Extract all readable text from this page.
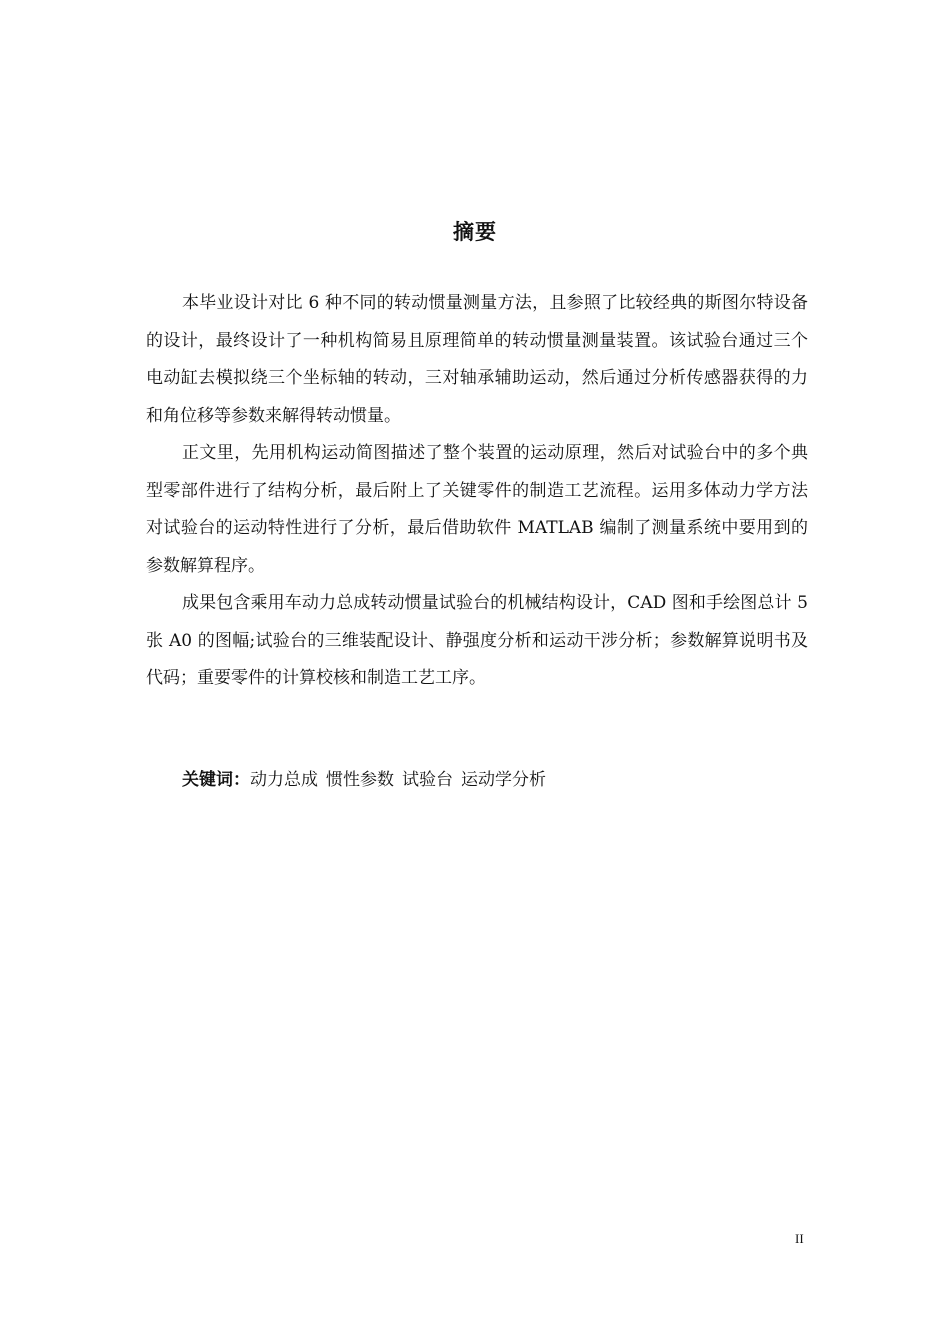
摘要

本毕业设计对比 6 种不同的转动惯量测量方法，且参照了比较经典的斯图尔特设备的设计，最终设计了一种机构简易且原理简单的转动惯量测量装置。该试验台通过三个电动缸去模拟绕三个坐标轴的转动，三对轴承辅助运动，然后通过分析传感器获得的力和角位移等参数来解得转动惯量。

正文里，先用机构运动简图描述了整个装置的运动原理，然后对试验台中的多个典型零部件进行了结构分析，最后附上了关键零件的制造工艺流程。运用多体动力学方法对试验台的运动特性进行了分析，最后借助软件 MATLAB 编制了测量系统中要用到的参数解算程序。

成果包含乘用车动力总成转动惯量试验台的机械结构设计，CAD 图和手绘图总计 5 张 A0 的图幅;试验台的三维装配设计、静强度分析和运动干涉分析；参数解算说明书及代码；重要零件的计算校核和制造工艺工序。

关键词：动力总成 惯性参数 试验台 运动学分析
II
